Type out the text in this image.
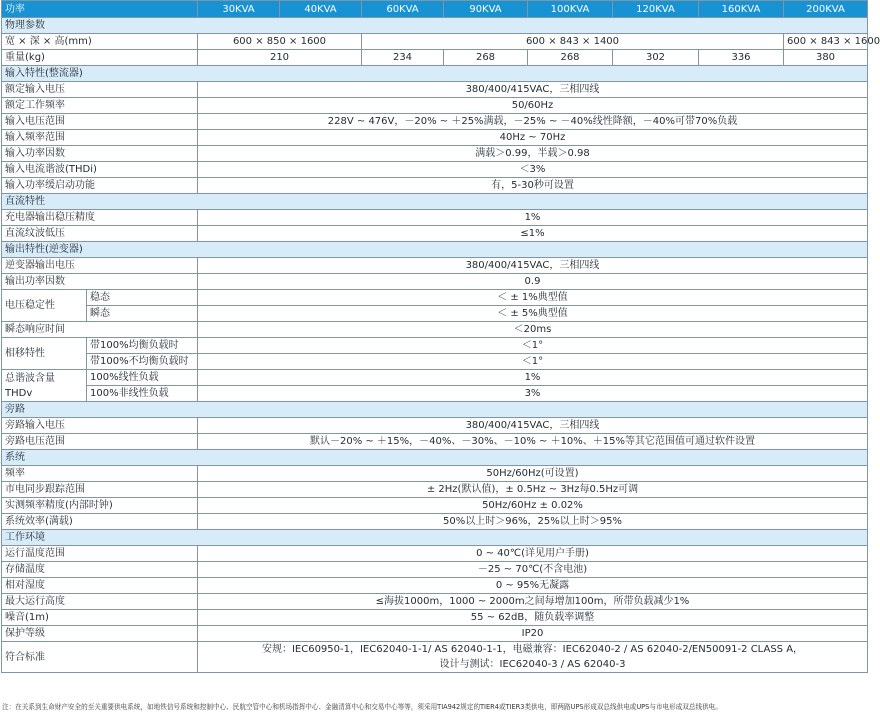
功率		30KVA	40KVA	60KVA	90KVA	100KVA	120KVA	160KVA	200KVA
物理参数									
宽 × 深 × 高(mm)		600 × 850 × 1600		600 × 843 × 1400					600 × 843 × 1600
重量(kg)		210		234	268	268	302	336	380
输入特性(整流器)									
额定输入电压		380/400/415VAC，三相四线							
额定工作频率		50/60Hz							
输入电压范围		228V ~ 476V，－20% ~ ＋25%满载，－25% ~ －40%线性降额，－40%可带70%负载							
输入频率范围		40Hz ~ 70Hz							
输入功率因数		满载＞0.99，半载＞0.98							
输入电流谐波(THDi)		＜3%							
输入功率缓启动功能		有，5-30秒可设置							
直流特性									
充电器输出稳压精度		1%							
直流纹波低压		≤1%							
输出特性(逆变器)									
逆变器输出电压		380/400/415VAC，三相四线							
输出功率因数		0.9							
电压稳定性	稳态	＜ ± 1%典型值							
	瞬态	＜ ± 5%典型值							
瞬态响应时间		＜20ms							
相移特性	带100%均衡负载时	＜1°							
	带100%不均衡负载时	＜1°							
总谐波含量
THDv	100%线性负载	1%							
	100%非线性负载	3%							
旁路									
旁路输入电压		380/400/415VAC，三相四线							
旁路电压范围		默认－20% ~ ＋15%，－40%、－30%、－10% ~ ＋10%、＋15%等其它范围值可通过软件设置							
系统									
频率		50Hz/60Hz(可设置)							
市电同步跟踪范围		± 2Hz(默认值)，± 0.5Hz ~ 3Hz每0.5Hz可调							
实测频率精度(内部时钟)		50Hz/60Hz ± 0.02%							
系统效率(满载)		50%以上时＞96%，25%以上时＞95%							
工作环境									
运行温度范围		0 ~ 40℃(详见用户手册)							
存储温度		－25 ~ 70℃(不含电池)							
相对湿度		0 ~ 95%无凝露							
最大运行高度		≤海拔1000m，1000 ~ 2000m之间每增加100m，所带负载减少1%							
噪音(1m)		55 ~ 62dB，随负载率调整							
保护等级		IP20							
符合标准		安规：IEC60950-1，IEC62040-1-1/ AS 62040-1-1，电磁兼容：IEC62040-2 / AS 62040-2/EN50091-2 CLASS A，
设计与测试：IEC62040-3 / AS 62040-3							
注：在关系到生命财产安全的至关重要供电系统，如地铁信号系统和控制中心、民航空管中心和机场指挥中心、金融清算中心和交易中心等等，须采用TIA942规定的TIER4或TIER3类供电，即两路UPS形成双总线供电或UPS与市电形成双总线供电。
